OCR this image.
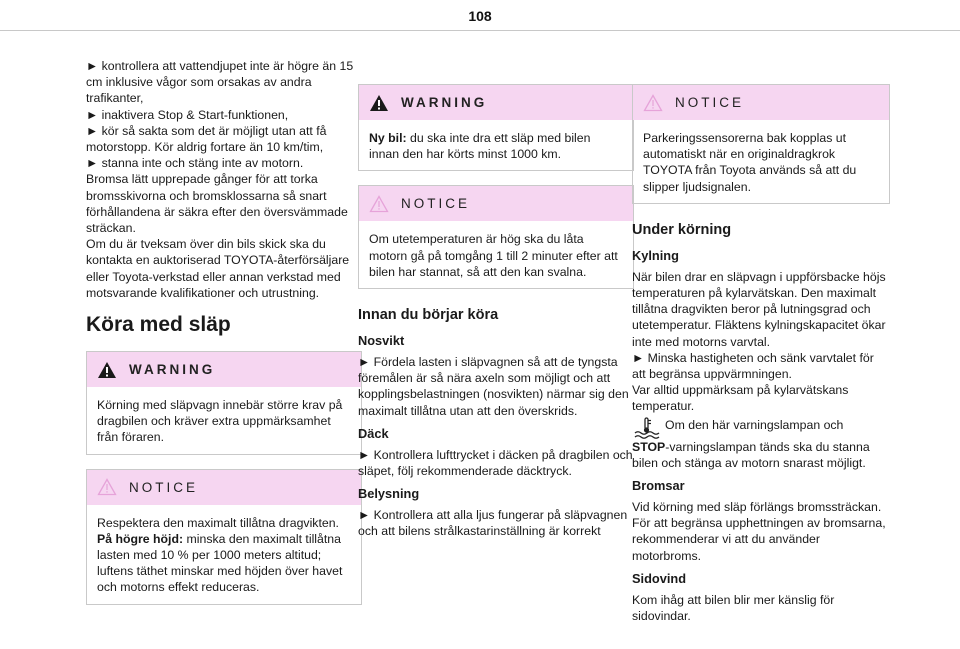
108

► kontrollera att vattendjupet inte är högre än 15 cm inklusive vågor som orsakas av andra trafikanter,
► inaktivera Stop & Start-funktionen,
► kör så sakta som det är möjligt utan att få motorstopp. Kör aldrig fortare än 10 km/tim,
► stanna inte och stäng inte av motorn.
Bromsa lätt upprepade gånger för att torka bromsskivorna och bromsklossarna så snart förhållandena är säkra efter den översvämmade sträckan.
Om du är tveksam över din bils skick ska du kontakta en auktoriserad TOYOTA-återförsäljare eller Toyota-verkstad eller annan verkstad med motsvarande kvalifikationer och utrustning.

Köra med släp
WARNING
Körning med släpvagn innebär större krav på dragbilen och kräver extra uppmärksamhet från föraren.
NOTICE
Respektera den maximalt tillåtna dragvikten.
På högre höjd: minska den maximalt tillåtna lasten med 10 % per 1000 meters altitud; luftens täthet minskar med höjden över havet och motorns effekt reduceras.
WARNING
Ny bil: du ska inte dra ett släp med bilen innan den har körts minst 1000 km.
NOTICE
Om utetemperaturen är hög ska du låta motorn gå på tomgång 1 till 2 minuter efter att bilen har stannat, så att den kan svalna.
Innan du börjar köra
Nosvikt

► Fördela lasten i släpvagnen så att de tyngsta föremålen är så nära axeln som möjligt och att kopplingsbelastningen (nosvikten) närmar sig den maximalt tillåtna utan att den överskrids.

Däck

► Kontrollera lufttrycket i däcken på dragbilen och släpet, följ rekommenderade däcktryck.

Belysning

► Kontrollera att alla ljus fungerar på släpvagnen och att bilens strålkastarinställning är korrekt

NOTICE
Parkeringssensorerna bak kopplas ut automatiskt när en originaldragkrok TOYOTA från Toyota används så att du slipper ljudsignalen.
Under körning
Kylning

När bilen drar en släpvagn i uppförsbacke höjs temperaturen på kylarvätskan. Den maximalt tillåtna dragvikten beror på lutningsgrad och utetemperatur. Fläktens kylningskapacitet ökar inte med motorns varvtal.
► Minska hastigheten och sänk varvtalet för att begränsa uppvärmningen.
Var alltid uppmärksam på kylarvätskans temperatur.

Om den här varningslampan och

STOP-varningslampan tänds ska du stanna bilen och stänga av motorn snarast möjligt.

Bromsar

Vid körning med släp förlängs bromssträckan. För att begränsa upphettningen av bromsarna, rekommenderar vi att du använder motorbroms.

Sidovind

Kom ihåg att bilen blir mer känslig för sidovindar.
